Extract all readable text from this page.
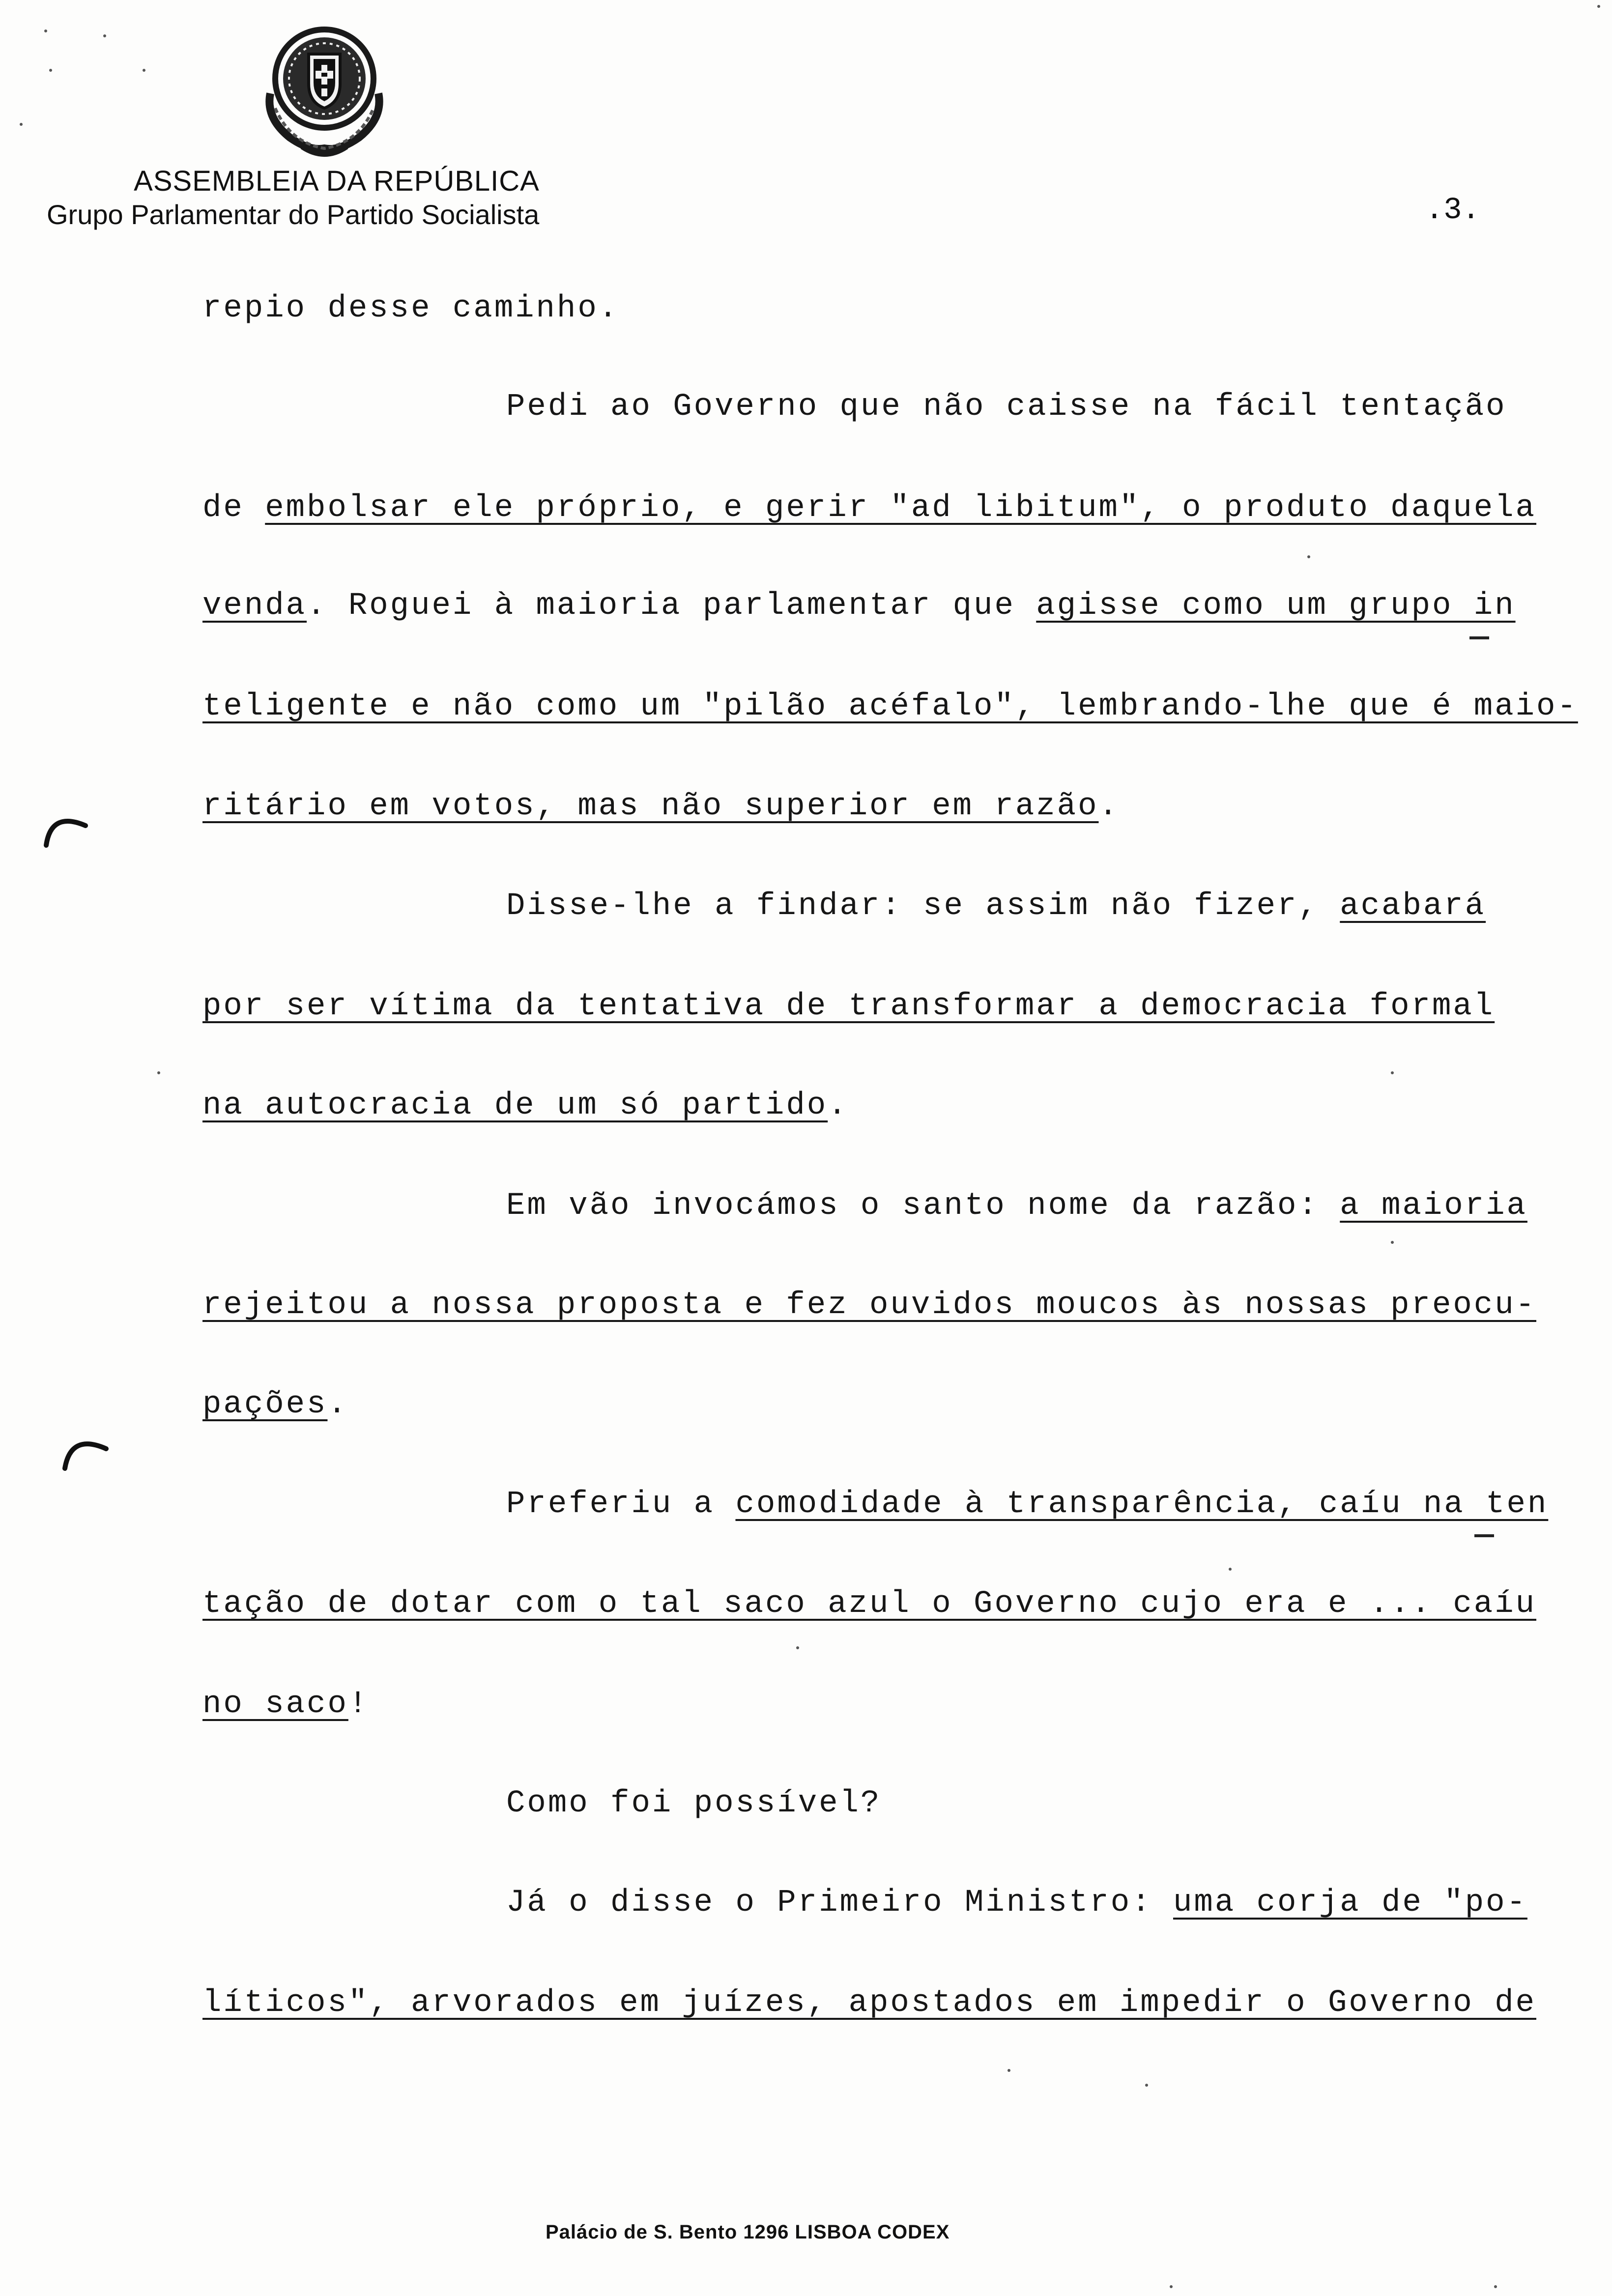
ASSEMBLEIA DA REPÚBLICA
Grupo Parlamentar do Partido Socialista	.3.
repio desse caminho.
Pedi ao Governo que não caisse na fácil tentação
de embolsar ele próprio, e gerir "ad libitum", o produto daquela
venda. Roguei à maioria parlamentar que agisse como um grupo in
teligente e não como um "pilão acéfalo", lembrando-lhe que é maio-
ritário em votos, mas não superior em razão.
Disse-lhe a findar: se assim não fizer, acabará
por ser vítima da tentativa de transformar a democracia formal
na autocracia de um só partido.
Em vão invocámos o santo nome da razão: a maioria
rejeitou a nossa proposta e fez ouvidos moucos às nossas preocu-
pações.
Preferiu a comodidade à transparência, caíu na ten
tação de dotar com o tal saco azul o Governo cujo era e ... caíu
no saco!
Como foi possível?
Já o disse o Primeiro Ministro: uma corja de "po-
líticos", arvorados em juízes, apostados em impedir o Governo de
Palácio de S. Bento 1296 LISBOA CODEX
